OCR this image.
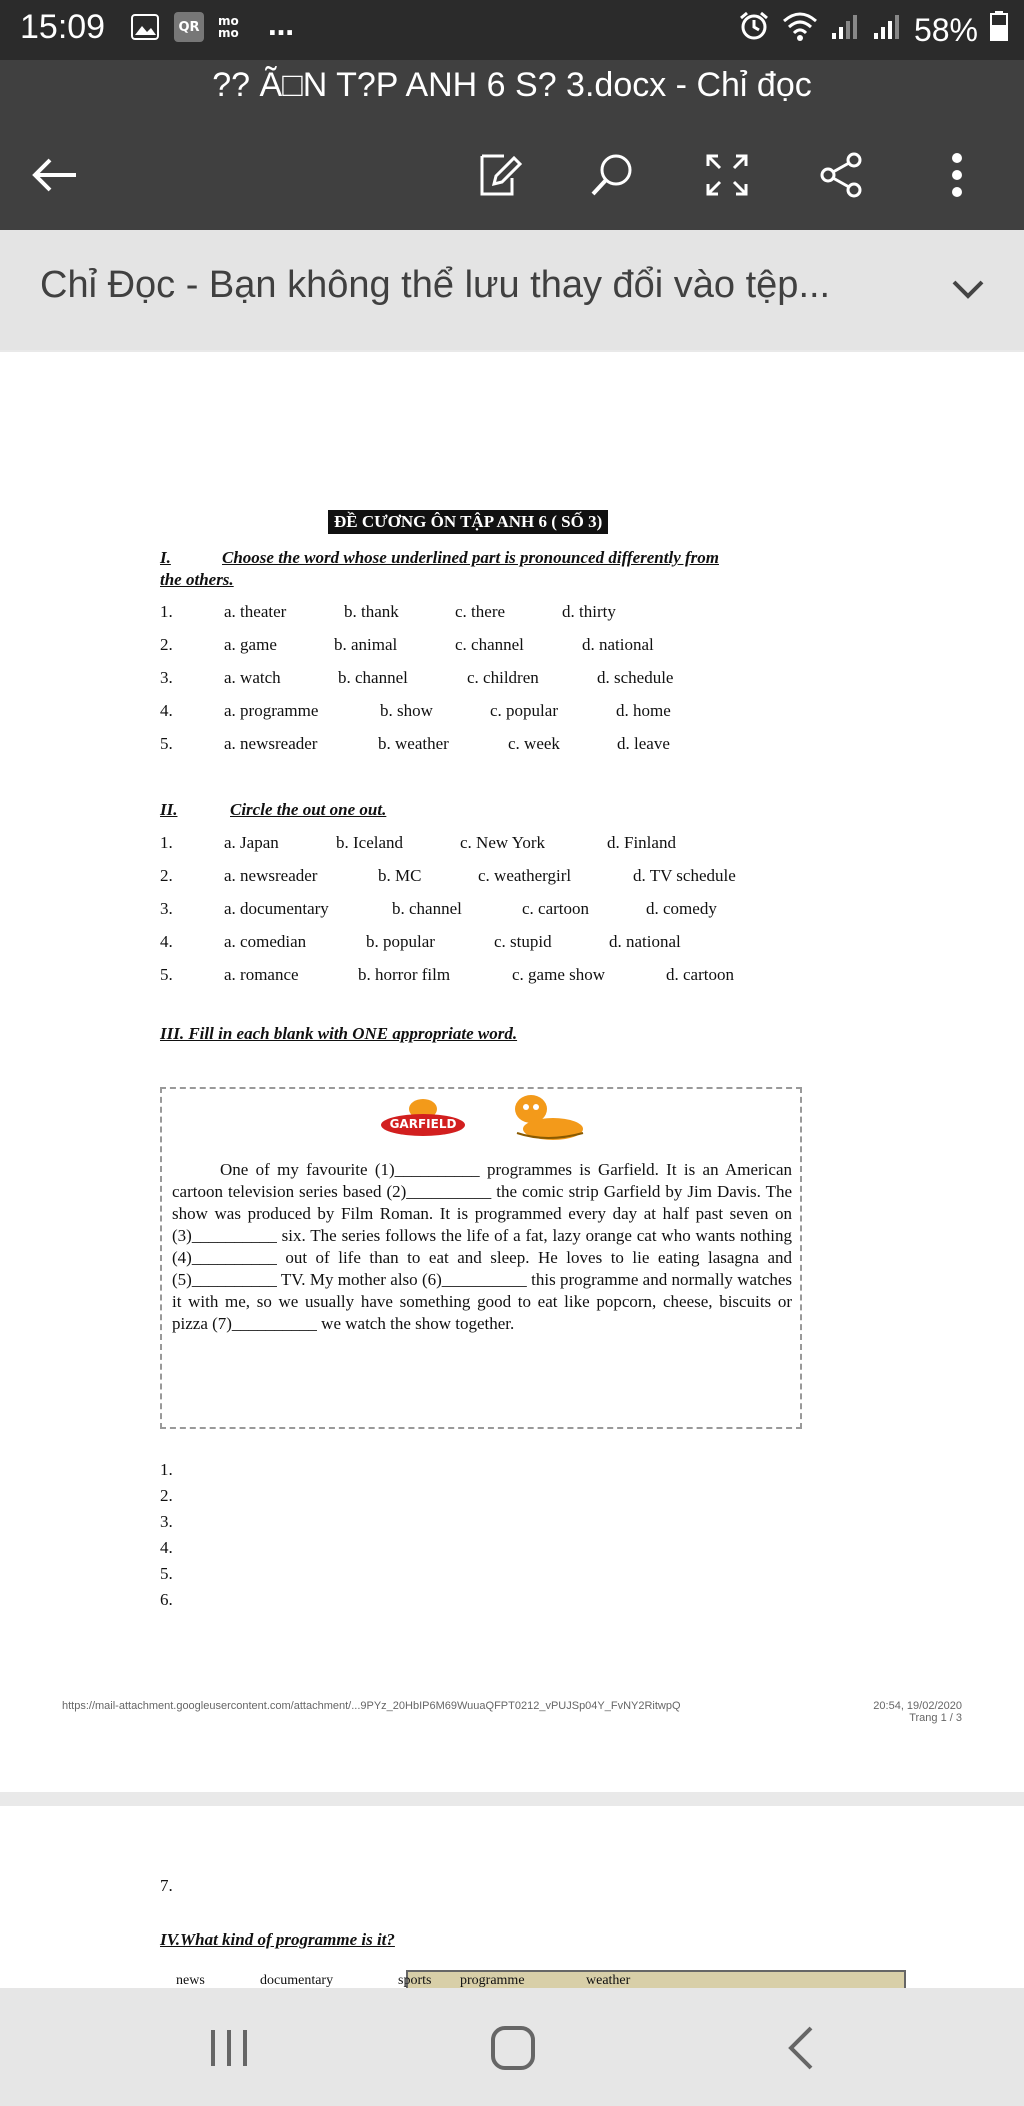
15:09	QR	mo mo	…	58%
?? Ã□N T?P ANH 6 S? 3.docx - Chỉ đọc
Chỉ Đọc - Bạn không thể lưu thay đổi vào tệp...
ĐỀ CƯƠNG ÔN TẬP ANH 6 ( SỐ 3)
I.	Choose the word whose underlined part is pronounced differently from
the others.
1.	a. theater	b. thank	c. there	d. thirty
2.	a. game	b. animal	c. channel	d. national
3.	a. watch	b. channel	c. children	d. schedule
4.	a. programme	b. show	c. popular	d. home
5.	a. newsreader	b. weather	c. week	d. leave
II.	Circle the out one out.
1.	a. Japan	b. Iceland	c. New York	d. Finland
2.	a. newsreader	b. MC	c. weathergirl	d. TV schedule
3.	a. documentary	b. channel	c. cartoon	d. comedy
4.	a. comedian	b. popular	c. stupid	d. national
5.	a. romance	b. horror film	c. game show	d. cartoon
III. Fill in each blank with ONE appropriate word.
GARFIELD
One of my favourite (1)__________ programmes is Garfield. It is an American cartoon television series based (2)__________ the comic strip Garfield by Jim Davis. The show was produced by Film Roman. It is programmed every day at half past seven on (3)__________ six. The series follows the life of a fat, lazy orange cat who wants nothing (4)__________ out of life than to eat and sleep. He loves to lie eating lasagna and (5)__________ TV. My mother also (6)__________ this programme and normally watches it with me, so we usually have something good to eat like popcorn, cheese, biscuits or pizza (7)__________ we watch the show together.
1.
2.
3.
4.
5.
6.
https://mail-attachment.googleusercontent.com/attachment/...9PYz_20HbIP6M69WuuaQFPT0212_vPUJSp04Y_FvNY2RitwpQ	20:54, 19/02/2020
Trang 1 / 3
7.
IV.What kind of programme is it?
news	documentary	sports programme	weather
